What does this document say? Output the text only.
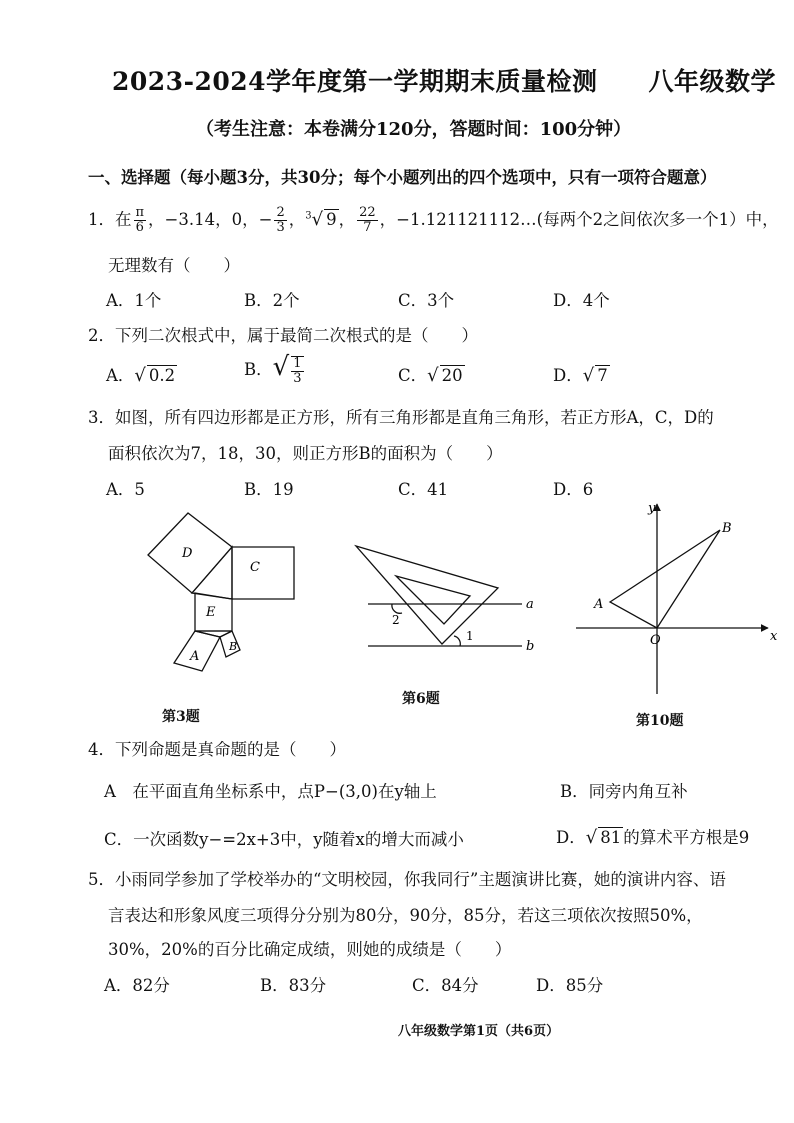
2023-2024学年度第一学期期末质量检测　　八年级数学
（考生注意：本卷满分120分，答题时间：100分钟）
一、选择题（每小题3分，共30分；每个小题列出的四个选项中，只有一项符合题意）
1．在 $\frac{\pi}{6}$ ，−3.14，0，− $\frac{2}{3}$ ，$^3$√ 9 ， $\frac{22}{7}$ ，−1.121121112…(每两个2之间依次多一个1）中，
无理数有（　　）
A．1个	B．2个	C．3个	D．4个
2．下列二次根式中，属于最简二次根式的是（　　）
A．√ 0.2	B．√ $\frac{1}{3}$	C．√ 20	D．√ 7
3．如图，所有四边形都是正方形，所有三角形都是直角三角形，若正方形A，C，D的
面积依次为7，18，30，则正方形B的面积为（　　）
A．5	B．19	C．41	D．6
D
C
E
A
B
第3题
a
b
1
2
第6题
y
x
O
A
B
第10题
4．下列命题是真命题的是（　　）
A　在平面直角坐标系中，点P−(3,0)在y轴上	B．同旁内角互补
C．一次函数y−=2x+3中，y随着x的增大而减小	D．√ 81 的算术平方根是9
5．小雨同学参加了学校举办的“文明校园，你我同行”主题演讲比赛，她的演讲内容、语
言表达和形象风度三项得分分别为80分，90分，85分，若这三项依次按照50%，
30%，20%的百分比确定成绩，则她的成绩是（　　）
A．82分	B．83分	C．84分	D．85分
八年级数学第1页（共6页）
